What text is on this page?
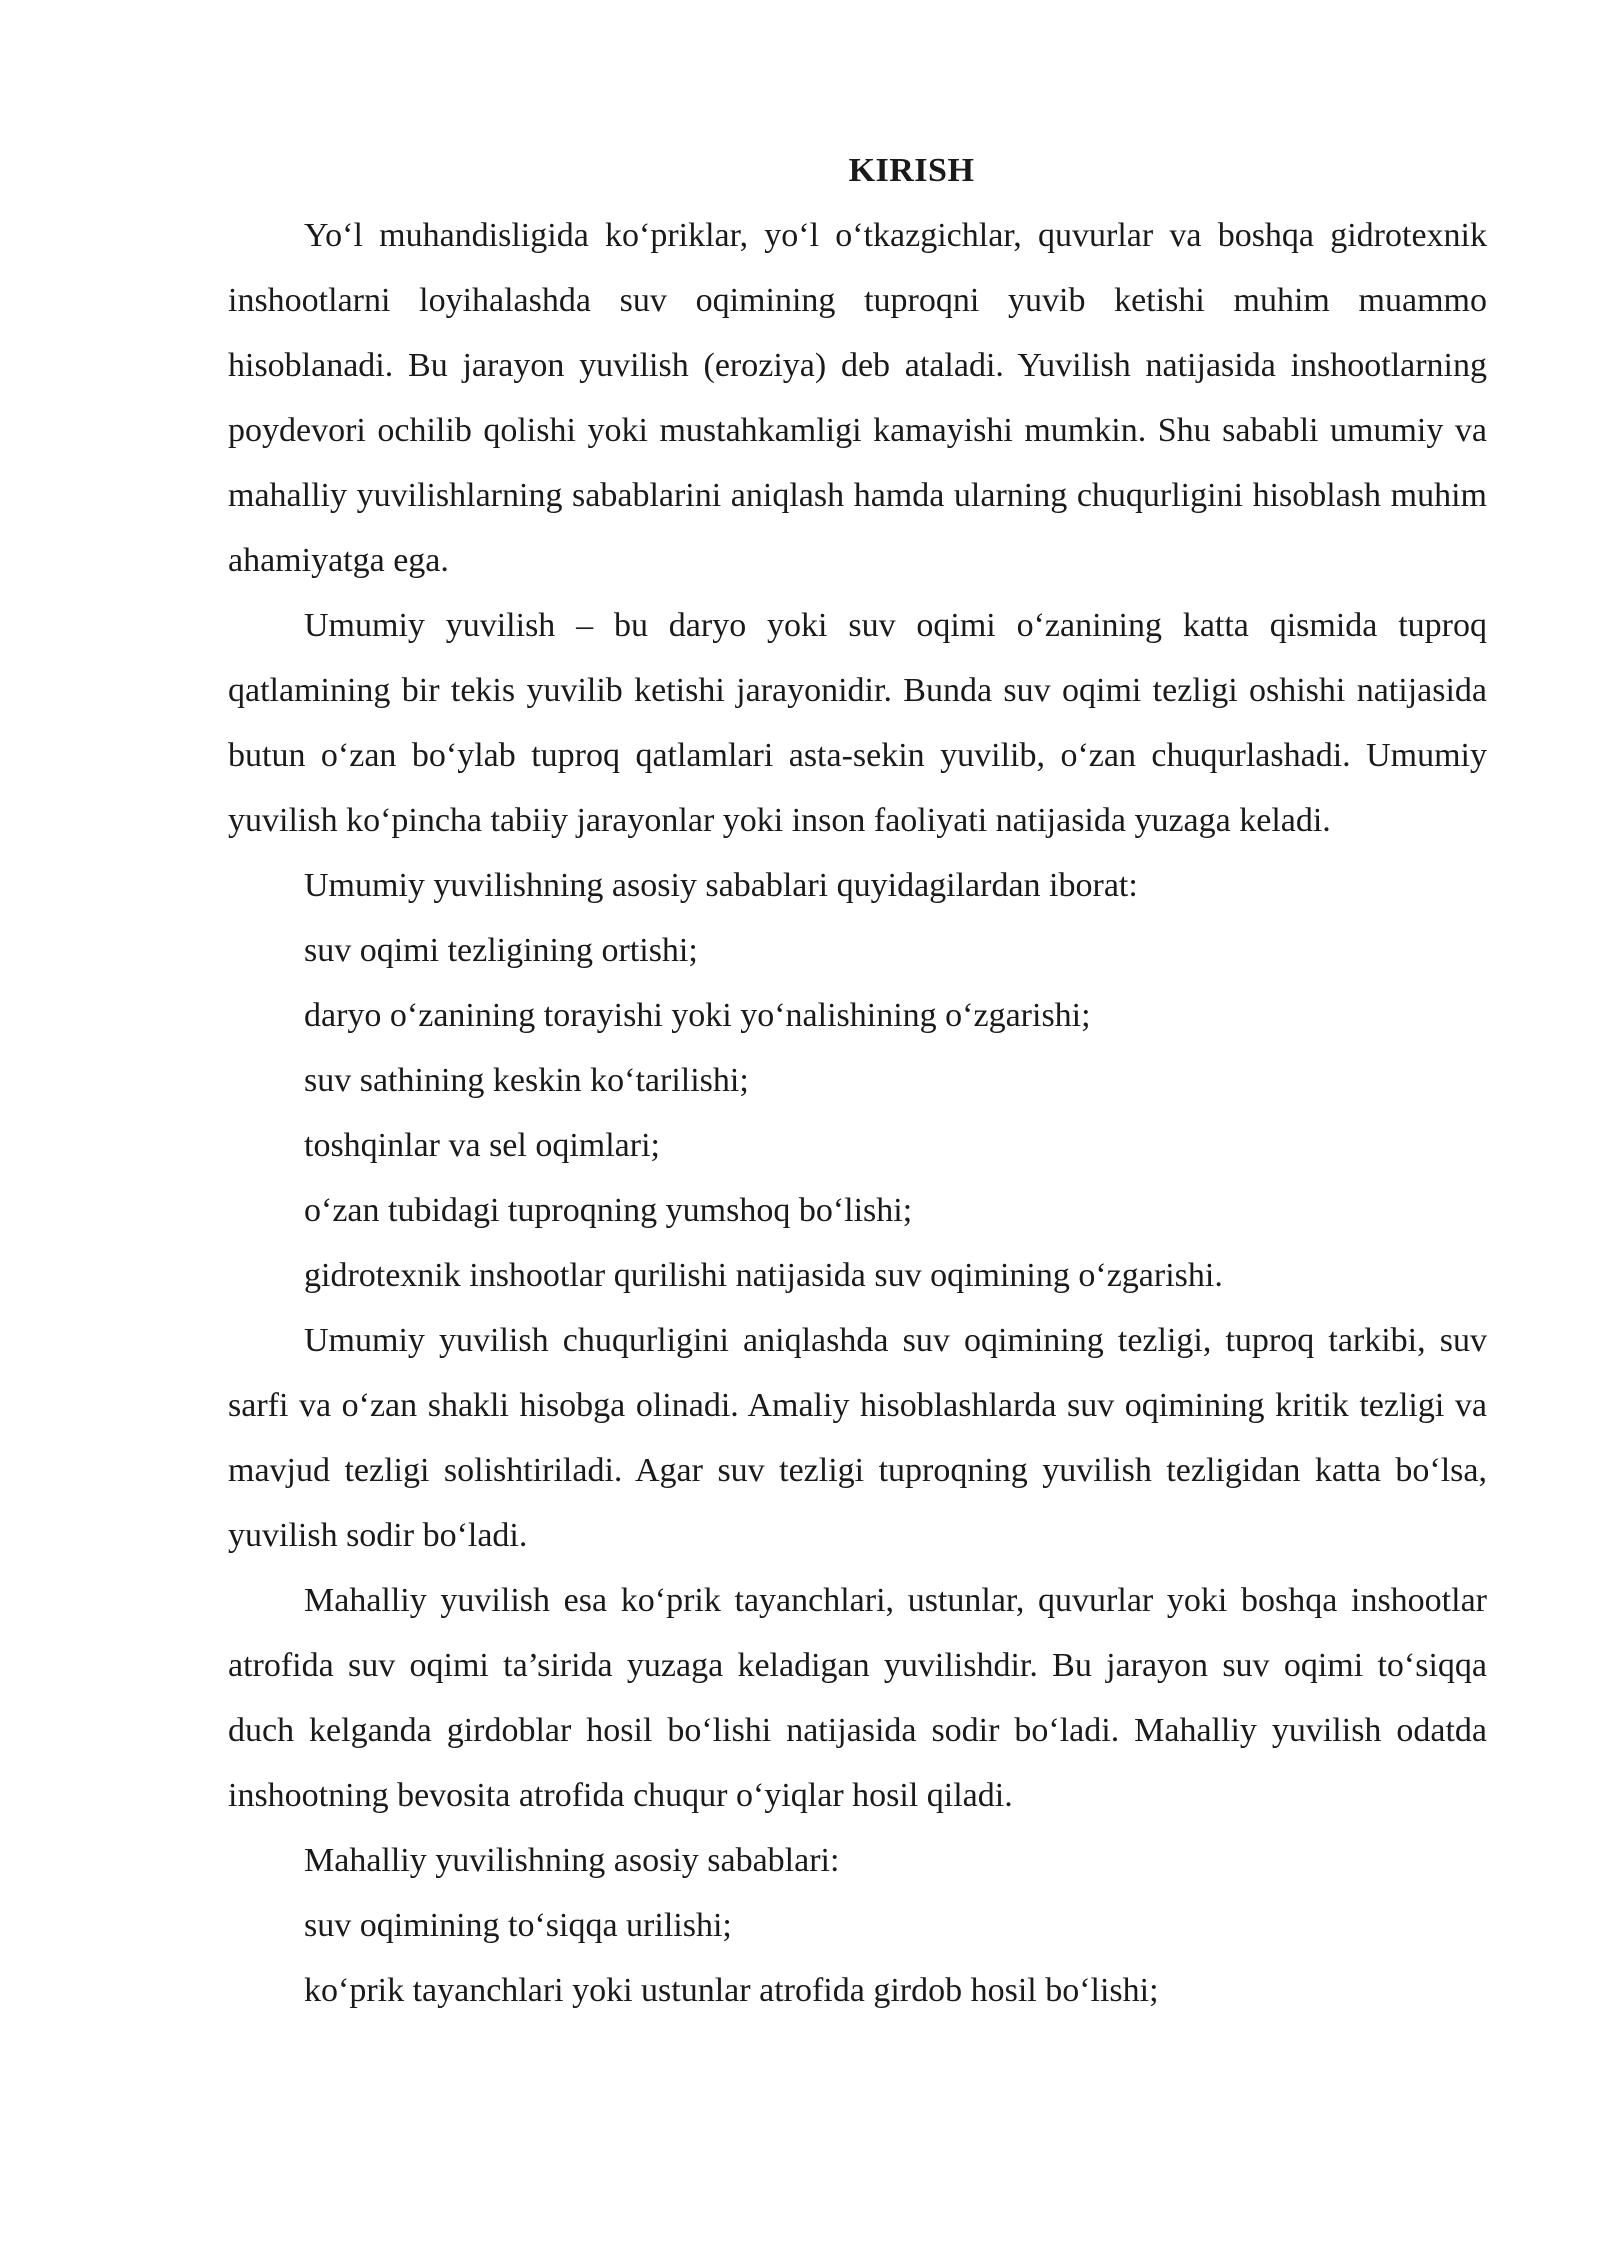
KIRISH

Yo‘l muhandisligida ko‘priklar, yo‘l o‘tkazgichlar, quvurlar va boshqa gidrotexnik inshootlarni loyihalashda suv oqimining tuproqni yuvib ketishi muhim muammo hisoblanadi. Bu jarayon yuvilish (eroziya) deb ataladi. Yuvilish natijasida inshootlarning poydevori ochilib qolishi yoki mustahkamligi kamayishi mumkin. Shu sababli umumiy va mahalliy yuvilishlarning sabablarini aniqlash hamda ularning chuqurligini hisoblash muhim ahamiyatga ega.

Umumiy yuvilish – bu daryo yoki suv oqimi o‘zanining katta qismida tuproq qatlamining bir tekis yuvilib ketishi jarayonidir. Bunda suv oqimi tezligi oshishi natijasida butun o‘zan bo‘ylab tuproq qatlamlari asta-sekin yuvilib, o‘zan chuqurlashadi. Umumiy yuvilish ko‘pincha tabiiy jarayonlar yoki inson faoliyati natijasida yuzaga keladi.

Umumiy yuvilishning asosiy sabablari quyidagilardan iborat:

suv oqimi tezligining ortishi;
daryo o‘zanining torayishi yoki yo‘nalishining o‘zgarishi;
suv sathining keskin ko‘tarilishi;
toshqinlar va sel oqimlari;
o‘zan tubidagi tuproqning yumshoq bo‘lishi;
gidrotexnik inshootlar qurilishi natijasida suv oqimining o‘zgarishi.

Umumiy yuvilish chuqurligini aniqlashda suv oqimining tezligi, tuproq tarkibi, suv sarfi va o‘zan shakli hisobga olinadi. Amaliy hisoblashlarda suv oqimining kritik tezligi va mavjud tezligi solishtiriladi. Agar suv tezligi tuproqning yuvilish tezligidan katta bo‘lsa, yuvilish sodir bo‘ladi.

Mahalliy yuvilish esa ko‘prik tayanchlari, ustunlar, quvurlar yoki boshqa inshootlar atrofida suv oqimi ta’sirida yuzaga keladigan yuvilishdir. Bu jarayon suv oqimi to‘siqqa duch kelganda girdoblar hosil bo‘lishi natijasida sodir bo‘ladi. Mahalliy yuvilish odatda inshootning bevosita atrofida chuqur o‘yiqlar hosil qiladi.

Mahalliy yuvilishning asosiy sabablari:

suv oqimining to‘siqqa urilishi;
ko‘prik tayanchlari yoki ustunlar atrofida girdob hosil bo‘lishi;
